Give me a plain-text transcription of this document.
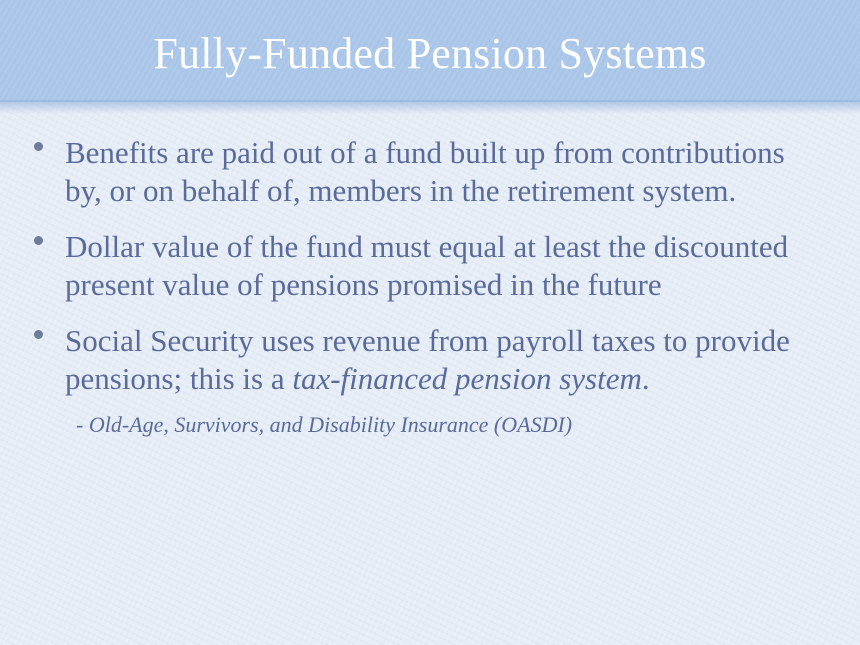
Fully-Funded Pension Systems
Benefits are paid out of a fund built up from contributions by, or on behalf of, members in the retirement system.
Dollar value of the fund must equal at least the discounted present value of pensions promised in the future
Social Security uses revenue from payroll taxes to provide pensions; this is a tax-financed pension system.
- Old-Age, Survivors, and Disability Insurance (OASDI)
